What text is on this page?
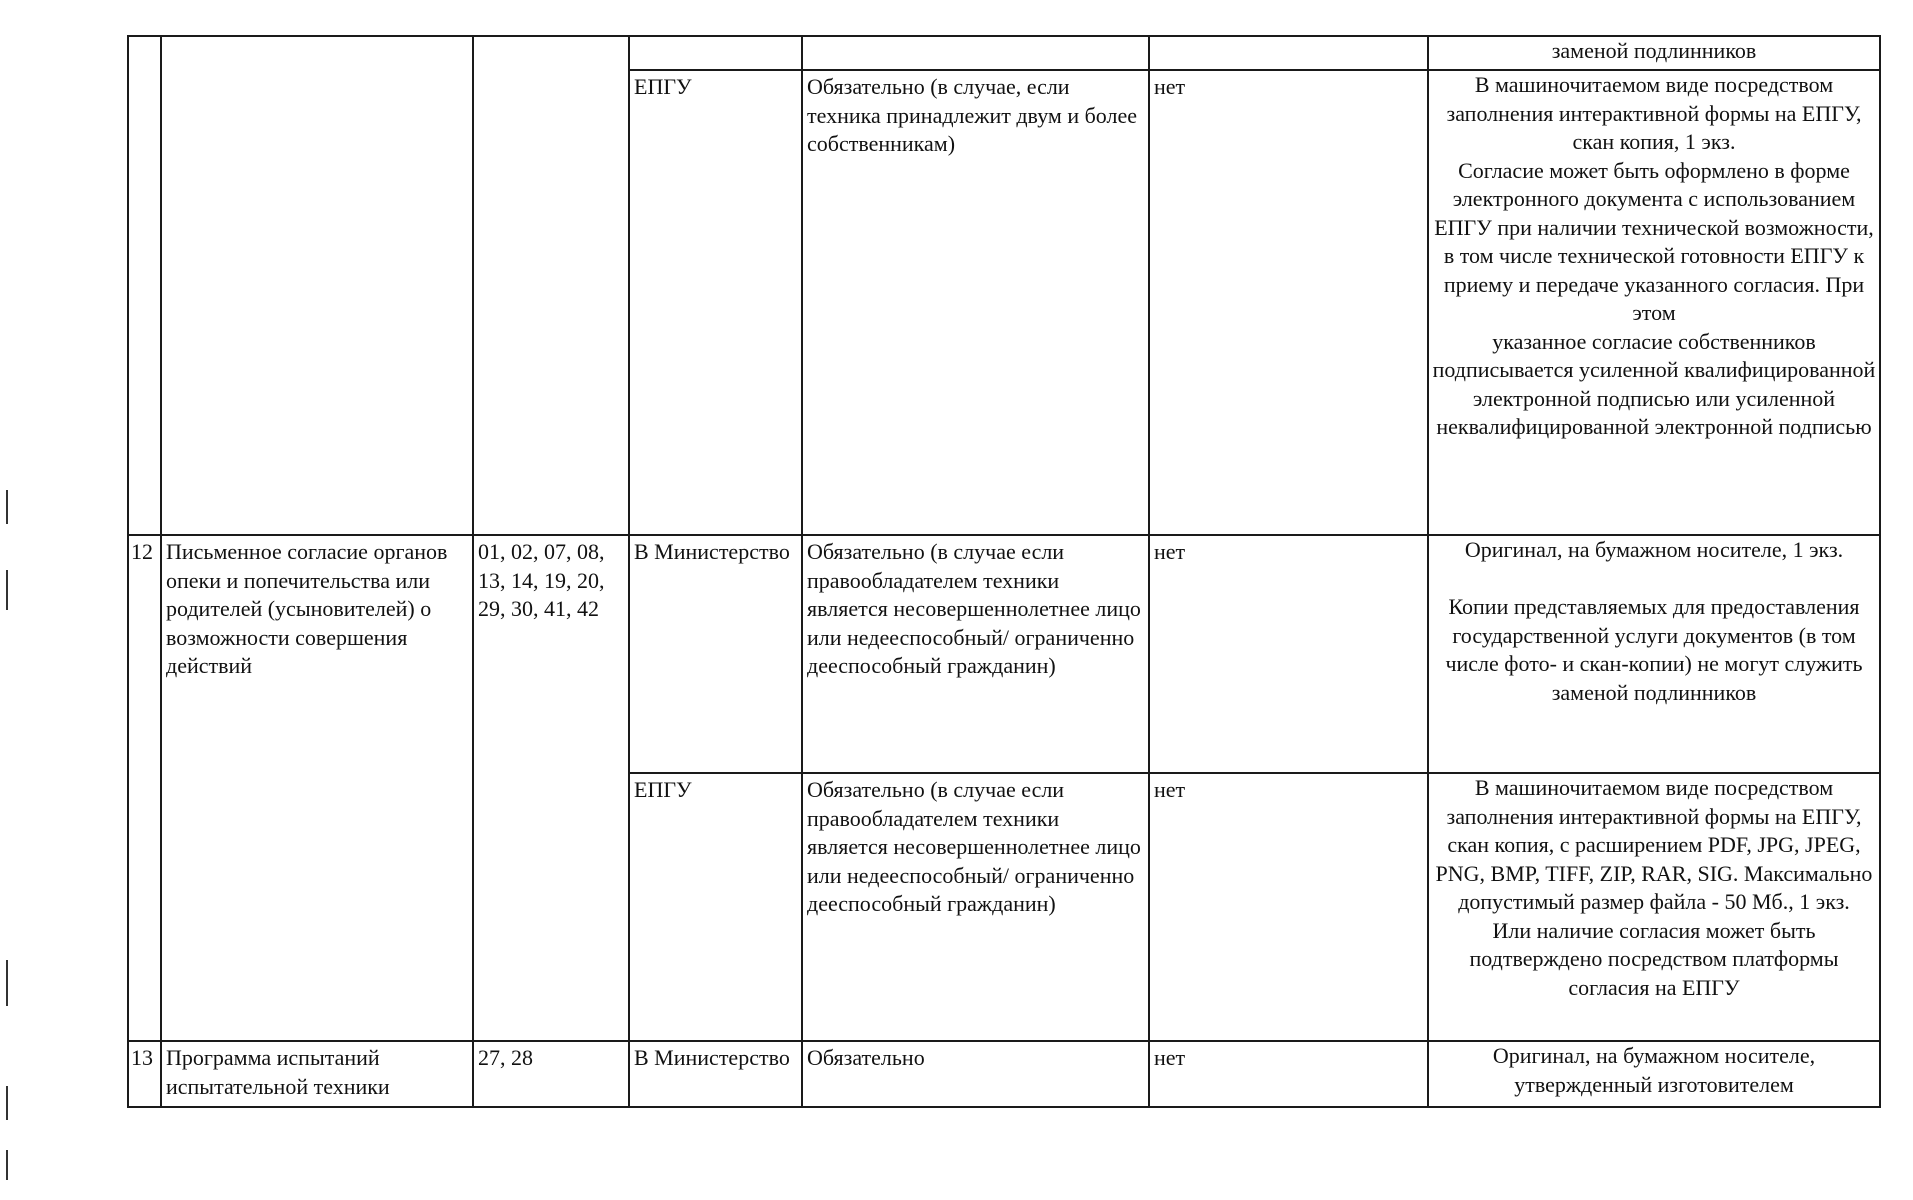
						заменой подлинников
			ЕПГУ	Обязательно (в случае, если техника принадлежит двум и более собственникам)	нет	В машиночитаемом виде посредством заполнения интерактивной формы на ЕПГУ, скан копия, 1 экз.
Согласие может быть оформлено в форме электронного документа с использованием ЕПГУ при наличии технической возможности, в том числе технической готовности ЕПГУ к приему и передаче указанного согласия. При этом
указанное согласие собственников подписывается усиленной квалифицированной электронной подписью или усиленной неквалифицированной электронной подписью
12	Письменное согласие органов опеки и попечительства или родителей (усыновителей) о возможности совершения действий	01, 02, 07, 08, 13, 14, 19, 20, 29, 30, 41, 42	В Министерство	Обязательно (в случае если правообладателем техники является несовершеннолетнее лицо или недееспособный/ ограниченно дееспособный гражданин)	нет	Оригинал, на бумажном носителе, 1 экз.

Копии представляемых для предоставления государственной услуги документов (в том числе фото- и скан-копии) не могут служить заменой подлинников
			ЕПГУ	Обязательно (в случае если правообладателем техники является несовершеннолетнее лицо или недееспособный/ ограниченно дееспособный гражданин)	нет	В машиночитаемом виде посредством заполнения интерактивной формы на ЕПГУ, скан копия, с расширением PDF, JPG, JPEG, PNG, BMP, TIFF, ZIP, RAR, SIG. Максимально допустимый размер файла - 50 Мб., 1 экз.
Или наличие согласия может быть подтверждено посредством платформы согласия на ЕПГУ
13	Программа испытаний испытательной техники	27, 28	В Министерство	Обязательно	нет	Оригинал, на бумажном носителе, утвержденный изготовителем
